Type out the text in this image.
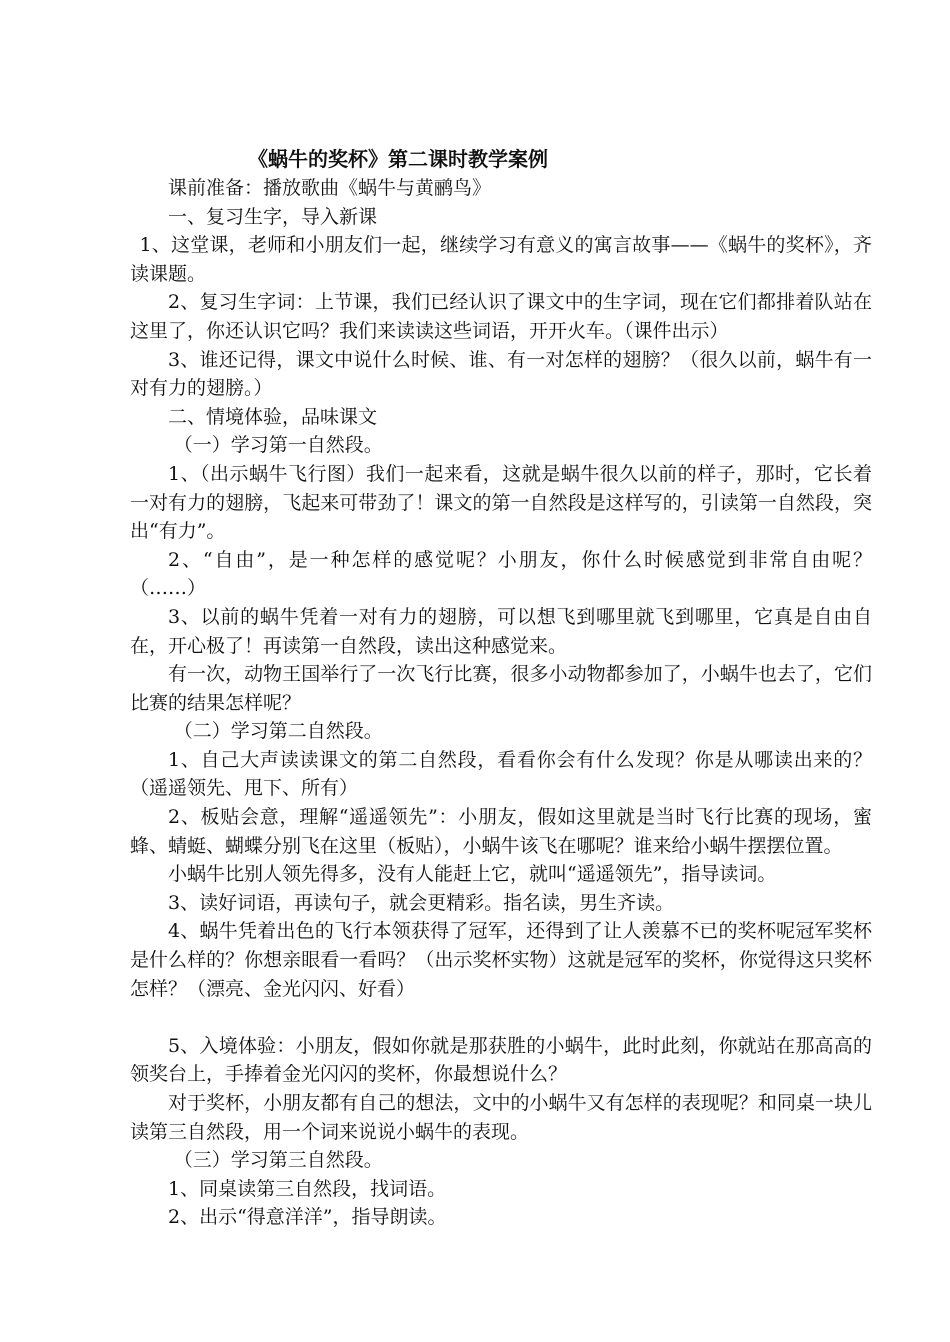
《蜗牛的奖杯》第二课时教学案例

课前准备：播放歌曲《蜗牛与黄鹂鸟》

一、复习生字，导入新课

1、这堂课，老师和小朋友们一起，继续学习有意义的寓言故事——《蜗牛的奖杯》，齐读课题。

2、复习生字词：上节课，我们已经认识了课文中的生字词，现在它们都排着队站在这里了，你还认识它吗？我们来读读这些词语，开开火车。（课件出示）

3、谁还记得，课文中说什么时候、谁、有一对怎样的翅膀？（很久以前，蜗牛有一对有力的翅膀。）

二、情境体验，品味课文

（一）学习第一自然段。

1、（出示蜗牛飞行图）我们一起来看，这就是蜗牛很久以前的样子，那时，它长着一对有力的翅膀，飞起来可带劲了！课文的第一自然段是这样写的，引读第一自然段，突出“有力”。

2、“自由”，是一种怎样的感觉呢？小朋友，你什么时候感觉到非常自由呢？（……）

3、以前的蜗牛凭着一对有力的翅膀，可以想飞到哪里就飞到哪里，它真是自由自在，开心极了！再读第一自然段，读出这种感觉来。

有一次，动物王国举行了一次飞行比赛，很多小动物都参加了，小蜗牛也去了，它们比赛的结果怎样呢？

（二）学习第二自然段。

1、自己大声读读课文的第二自然段，看看你会有什么发现？你是从哪读出来的？（遥遥领先、甩下、所有）

2、板贴会意，理解“遥遥领先”：小朋友，假如这里就是当时飞行比赛的现场，蜜蜂、蜻蜓、蝴蝶分别飞在这里（板贴），小蜗牛该飞在哪呢？谁来给小蜗牛摆摆位置。

小蜗牛比别人领先得多，没有人能赶上它，就叫“遥遥领先”，指导读词。

3、读好词语，再读句子，就会更精彩。指名读，男生齐读。

4、蜗牛凭着出色的飞行本领获得了冠军，还得到了让人羡慕不已的奖杯呢冠军奖杯是什么样的？你想亲眼看一看吗？（出示奖杯实物）这就是冠军的奖杯，你觉得这只奖杯怎样？（漂亮、金光闪闪、好看）

5、入境体验：小朋友，假如你就是那获胜的小蜗牛，此时此刻，你就站在那高高的领奖台上，手捧着金光闪闪的奖杯，你最想说什么？

对于奖杯，小朋友都有自己的想法，文中的小蜗牛又有怎样的表现呢？和同桌一块儿读第三自然段，用一个词来说说小蜗牛的表现。

（三）学习第三自然段。

1、同桌读第三自然段，找词语。

2、出示“得意洋洋”，指导朗读。
